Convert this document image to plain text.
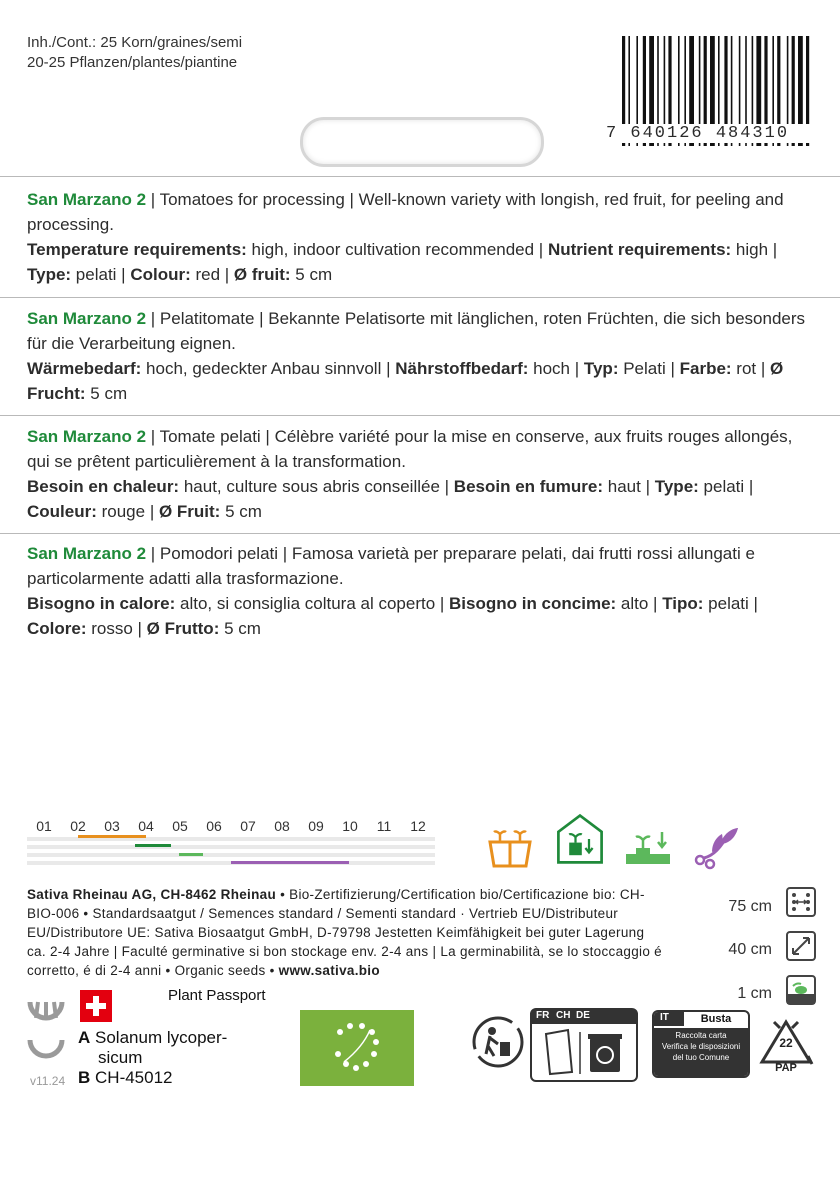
Inh./Cont.: 25 Korn/graines/semi
20-25 Pflanzen/plantes/piantine
7 640126 484310

San Marzano 2 | Tomatoes for processing | Well-known variety with longish, red fruit, for peeling and processing.

Temperature requirements: high, indoor cultivation recommended | Nutrient requirements: high | Type: pelati | Colour: red | Ø fruit: 5 cm

San Marzano 2 | Pelatitomate | Bekannte Pelatisorte mit länglichen, roten Früchten, die sich besonders für die Verarbeitung eignen.

Wärmebedarf: hoch, gedeckter Anbau sinnvoll | Nährstoffbedarf: hoch | Typ: Pelati | Farbe: rot | Ø Frucht: 5 cm

San Marzano 2 | Tomate pelati | Célèbre variété pour la mise en conserve, aux fruits rouges allongés, qui se prêtent particulièrement à la transformation.

Besoin en chaleur: haut, culture sous abris conseillée | Besoin en fumure: haut | Type: pelati | Couleur: rouge | Ø Fruit: 5 cm

San Marzano 2 | Pomodori pelati | Famosa varietà per preparare pelati, dai frutti rossi allungati e particolarmente adatti alla trasformazione.

Bisogno in calore: alto, si consiglia coltura al coperto | Bisogno in concime: alto | Tipo: pelati | Colore: rosso | Ø Frutto: 5 cm

01	02	03	04	05	06	07	08	09	10	11	12
Sativa Rheinau AG, CH-8462 Rheinau • Bio-Zertifizierung/Certification bio/Certificazione bio: CH-BIO-006 • Standardsaatgut / Semences standard / Sementi standard · Vertrieb EU/Distributeur EU/Distributore UE: Sativa Biosaatgut GmbH, D-79798 Jestetten Keimfähigkeit bei guter Lagerung ca. 2-4 Jahre | Faculté germinative si bon stockage env. 2-4 ans | La germinabilità, se lo stoccaggio é corretto, é di 2-4 anni • Organic seeds • www.sativa.bio
75 cm
40 cm
1 cm
Plant Passport
A Solanum lycoper-
sicum
B CH-45012
v11.24
FR CH DE	IT	Busta
Raccolta carta
Verifica le disposizioni
del tuo Comune
22
PAP
